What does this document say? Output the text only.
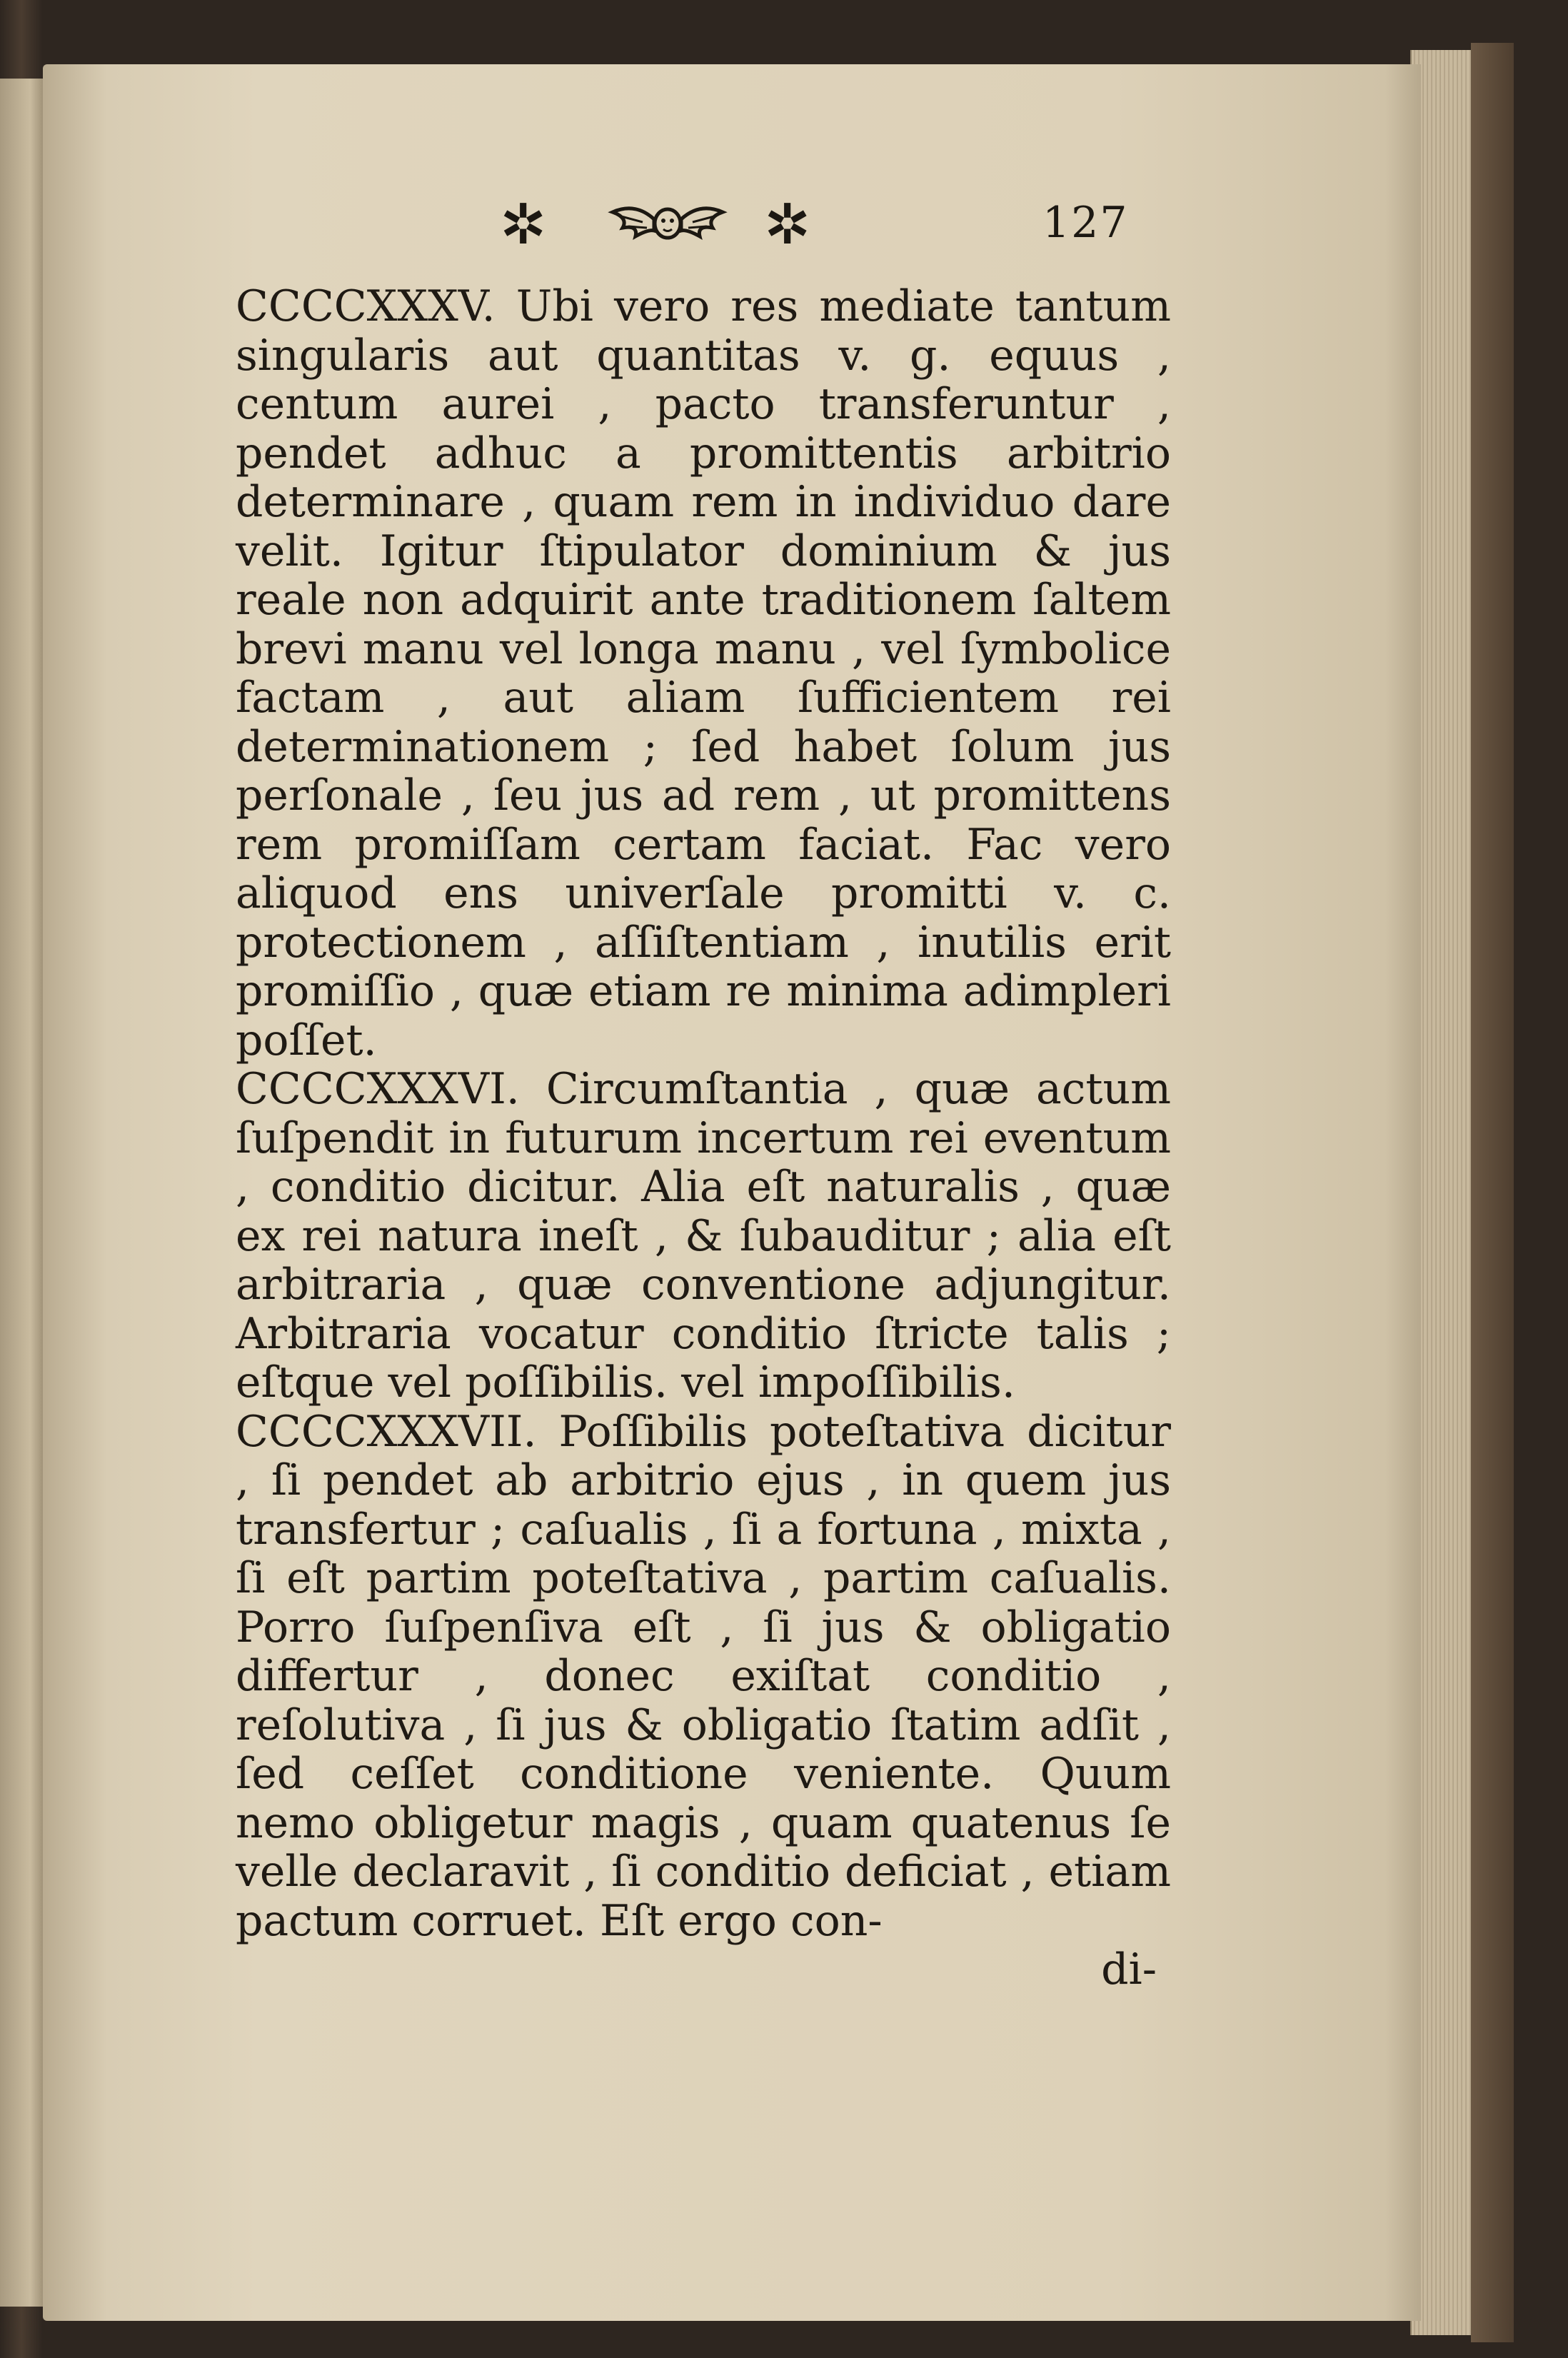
✲	✲	127

CCCCXXXV. Ubi vero res mediate tantum singularis aut quantitas v. g. equus , centum aurei , pacto transferuntur , pendet adhuc a promittentis arbitrio determinare , quam rem in individuo dare velit. Igitur ſtipulator dominium & jus reale non adquirit ante traditionem ſaltem brevi manu vel longa manu , vel ſymbolice factam , aut aliam ſufficientem rei determinationem ; ſed habet ſolum jus perſonale , ſeu jus ad rem , ut promittens rem promiſſam certam faciat. Fac vero aliquod ens univerſale promitti v. c. protectionem , aſſiſtentiam , inutilis erit promiſſio , quæ etiam re minima adimpleri poſſet.

CCCCXXXVI. Circumſtantia , quæ actum ſuſpendit in futurum incertum rei eventum , conditio dicitur. Alia eſt naturalis , quæ ex rei natura ineſt , & ſubauditur ; alia eſt arbitraria , quæ conventione adjungitur. Arbitraria vocatur conditio ſtricte talis ; eſtque vel poſſibilis. vel impoſſibilis.

CCCCXXXVII. Poſſibilis poteſtativa dicitur , ſi pendet ab arbitrio ejus , in quem jus transfertur ; caſualis , ſi a fortuna , mixta , ſi eſt partim poteſtativa , partim caſualis. Porro ſuſpenſiva eſt , ſi jus & obligatio differtur , donec exiſtat conditio , reſolutiva , ſi jus & obligatio ſtatim adſit , ſed ceſſet conditione veniente. Quum nemo obligetur magis , quam quatenus ſe velle declaravit , ſi conditio deficiat , etiam pactum corruet. Eſt ergo con-

di-
